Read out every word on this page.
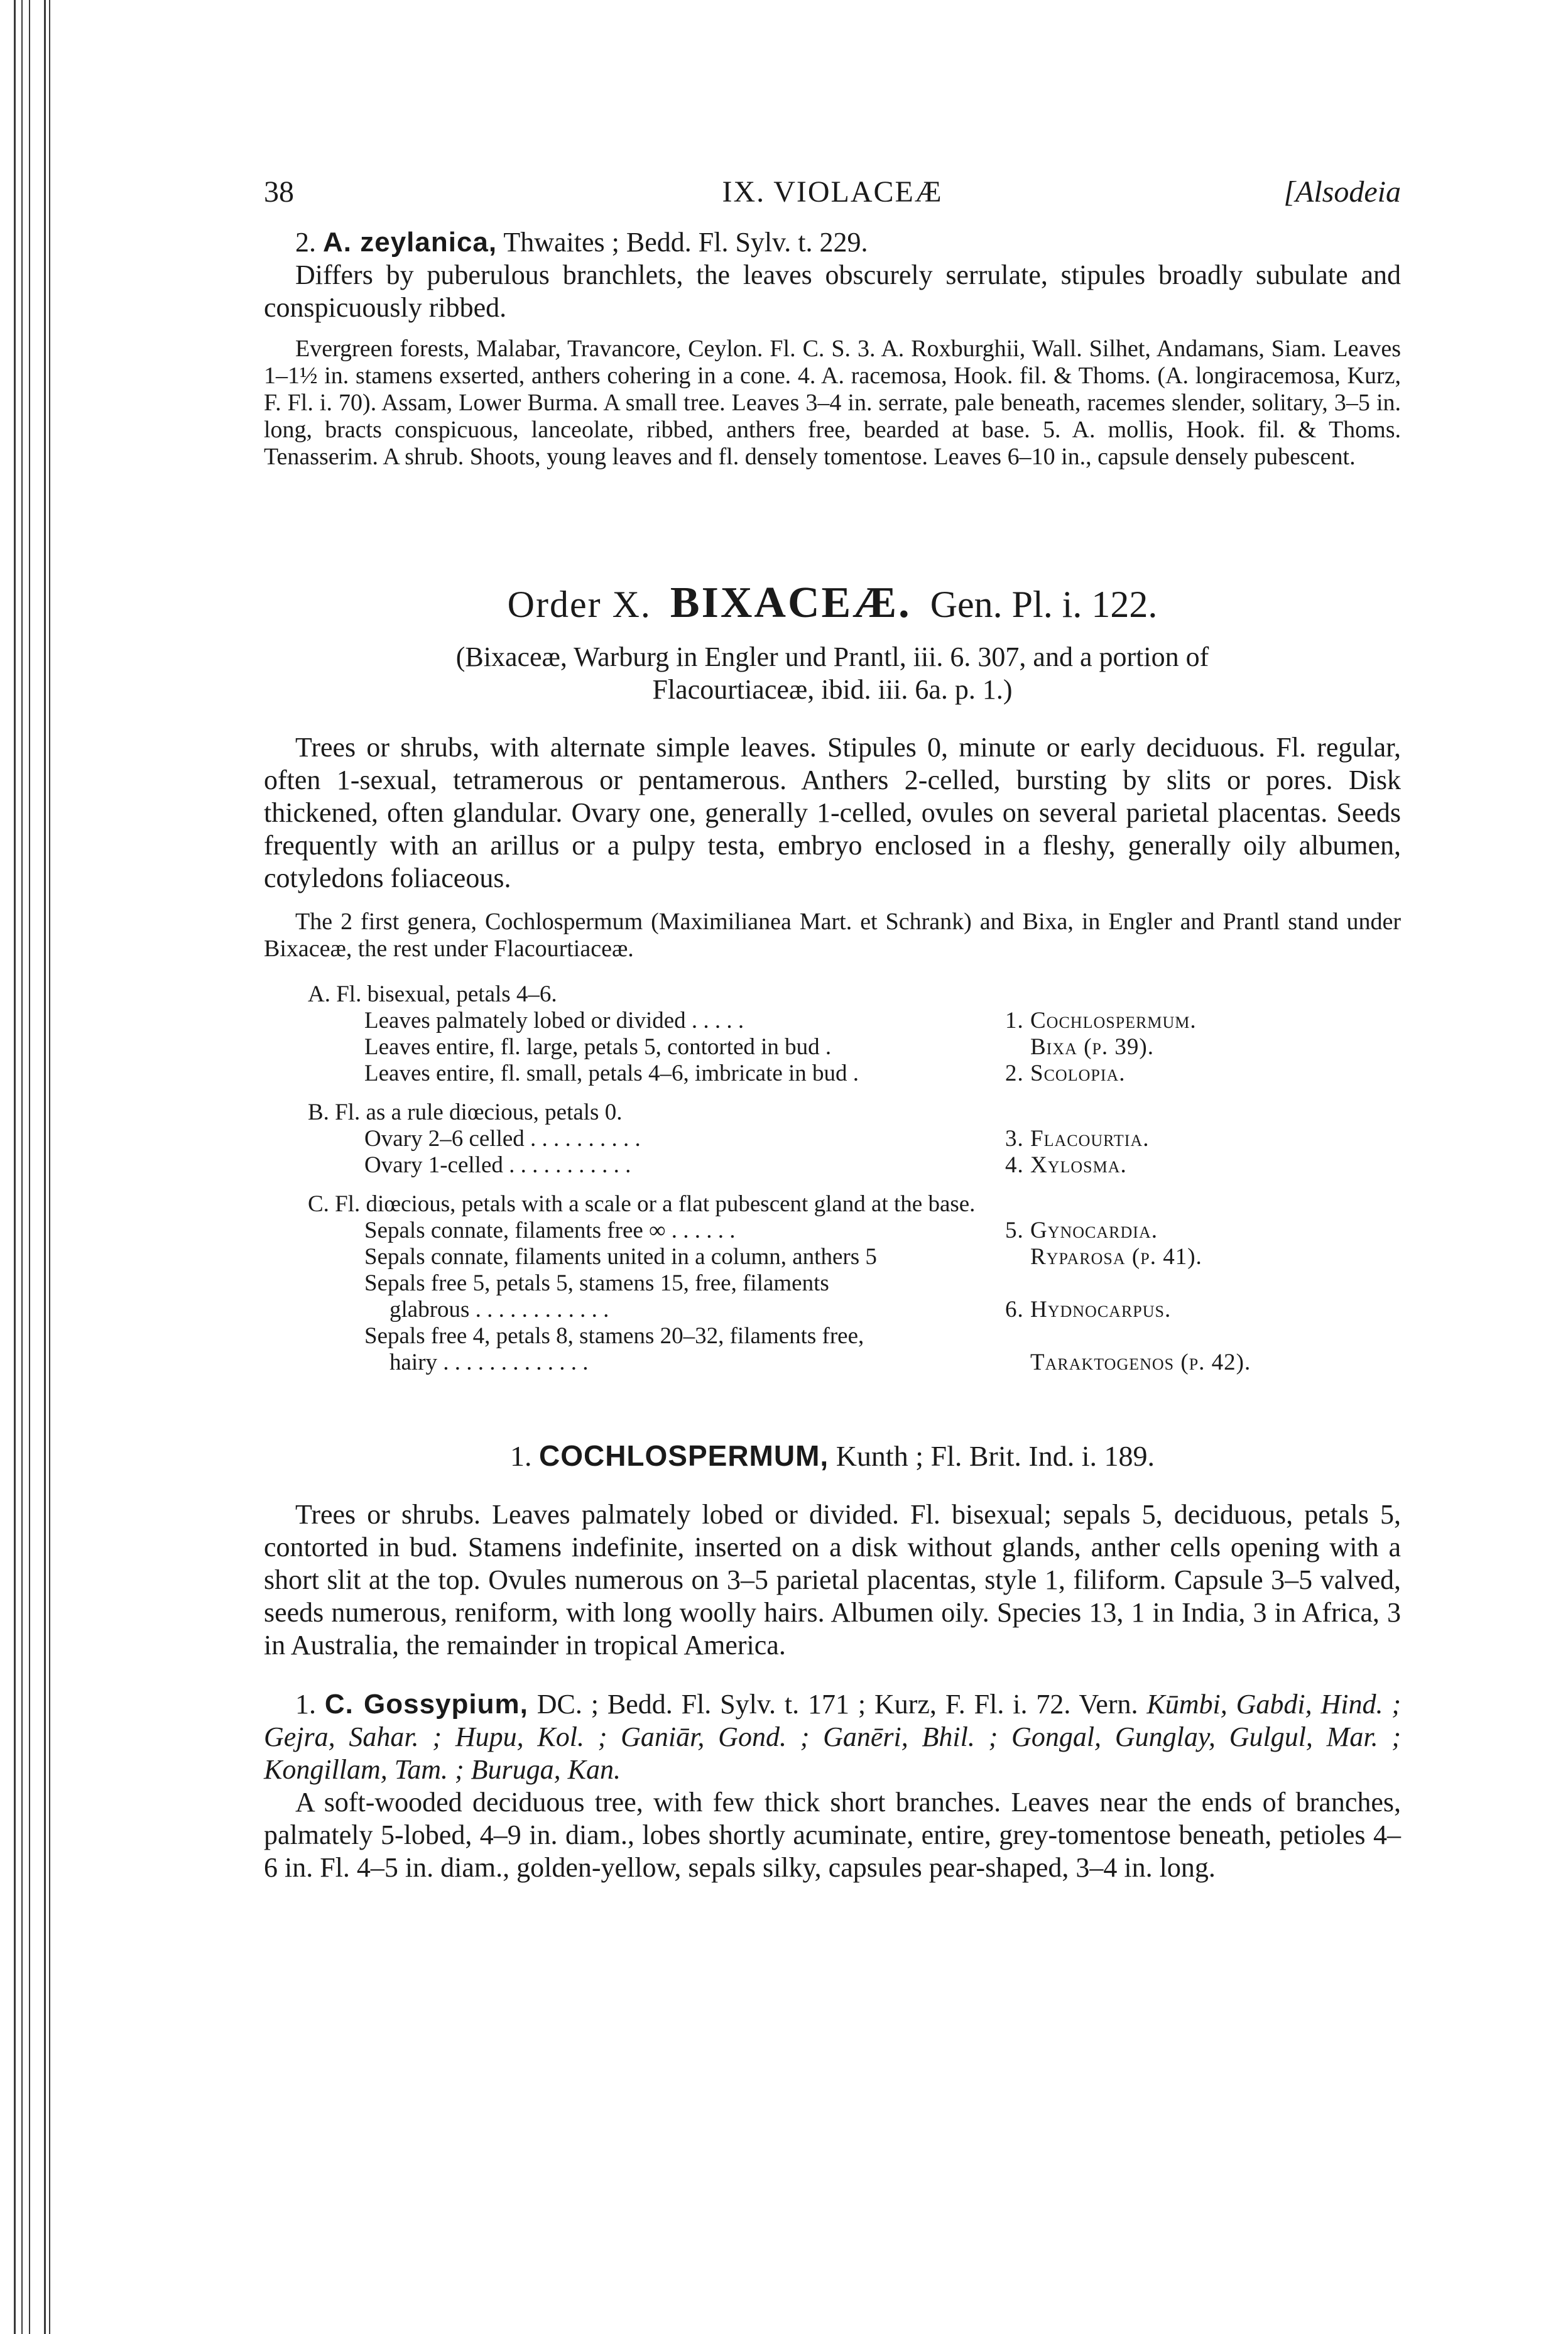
38	IX. VIOLACEÆ	[Alsodeia

2. A. zeylanica, Thwaites ; Bedd. Fl. Sylv. t. 229.

Differs by puberulous branchlets, the leaves obscurely serrulate, stipules broadly subulate and conspicuously ribbed.

Evergreen forests, Malabar, Travancore, Ceylon. Fl. C. S. 3. A. Roxburghii, Wall. Silhet, Andamans, Siam. Leaves 1–1½ in. stamens exserted, anthers cohering in a cone. 4. A. racemosa, Hook. fil. & Thoms. (A. longiracemosa, Kurz, F. Fl. i. 70). Assam, Lower Burma. A small tree. Leaves 3–4 in. serrate, pale beneath, racemes slender, solitary, 3–5 in. long, bracts conspicuous, lanceolate, ribbed, anthers free, bearded at base. 5. A. mollis, Hook. fil. & Thoms. Tenasserim. A shrub. Shoots, young leaves and fl. densely tomentose. Leaves 6–10 in., capsule densely pubescent.

Order X. BIXACEÆ. Gen. Pl. i. 122.
(Bixaceæ, Warburg in Engler und Prantl, iii. 6. 307, and a portion of
Flacourtiaceæ, ibid. iii. 6a. p. 1.)

Trees or shrubs, with alternate simple leaves. Stipules 0, minute or early deciduous. Fl. regular, often 1-sexual, tetramerous or pentamerous. Anthers 2-celled, bursting by slits or pores. Disk thickened, often glandular. Ovary one, generally 1-celled, ovules on several parietal placentas. Seeds frequently with an arillus or a pulpy testa, embryo enclosed in a fleshy, generally oily albumen, cotyledons foliaceous.

The 2 first genera, Cochlospermum (Maximilianea Mart. et Schrank) and Bixa, in Engler and Prantl stand under Bixaceæ, the rest under Flacourtiaceæ.

A. Fl. bisexual, petals 4–6.
Leaves palmately lobed or divided . . . . .	1. Cochlospermum.
Leaves entire, fl. large, petals 5, contorted in bud .	Bixa (p. 39).
Leaves entire, fl. small, petals 4–6, imbricate in bud .	2. Scolopia.
B. Fl. as a rule diœcious, petals 0.
Ovary 2–6 celled . . . . . . . . . .	3. Flacourtia.
Ovary 1-celled . . . . . . . . . . .	4. Xylosma.
C. Fl. diœcious, petals with a scale or a flat pubescent gland at the base.
Sepals connate, filaments free ∞ . . . . . .	5. Gynocardia.
Sepals connate, filaments united in a column, anthers 5	Ryparosa (p. 41).
Sepals free 5, petals 5, stamens 15, free, filaments
glabrous . . . . . . . . . . . .	6. Hydnocarpus.
Sepals free 4, petals 8, stamens 20–32, filaments free,
hairy . . . . . . . . . . . . .	Taraktogenos (p. 42).
1. COCHLOSPERMUM, Kunth ; Fl. Brit. Ind. i. 189.

Trees or shrubs. Leaves palmately lobed or divided. Fl. bisexual; sepals 5, deciduous, petals 5, contorted in bud. Stamens indefinite, inserted on a disk without glands, anther cells opening with a short slit at the top. Ovules numerous on 3–5 parietal placentas, style 1, filiform. Capsule 3–5 valved, seeds numerous, reniform, with long woolly hairs. Albumen oily. Species 13, 1 in India, 3 in Africa, 3 in Australia, the remainder in tropical America.

1. C. Gossypium, DC. ; Bedd. Fl. Sylv. t. 171 ; Kurz, F. Fl. i. 72. Vern. Kūmbi, Gabdi, Hind. ; Gejra, Sahar. ; Hupu, Kol. ; Ganiār, Gond. ; Ganēri, Bhil. ; Gongal, Gunglay, Gulgul, Mar. ; Kongillam, Tam. ; Buruga, Kan.

A soft-wooded deciduous tree, with few thick short branches. Leaves near the ends of branches, palmately 5-lobed, 4–9 in. diam., lobes shortly acuminate, entire, grey-tomentose beneath, petioles 4–6 in. Fl. 4–5 in. diam., golden-yellow, sepals silky, capsules pear-shaped, 3–4 in. long.
